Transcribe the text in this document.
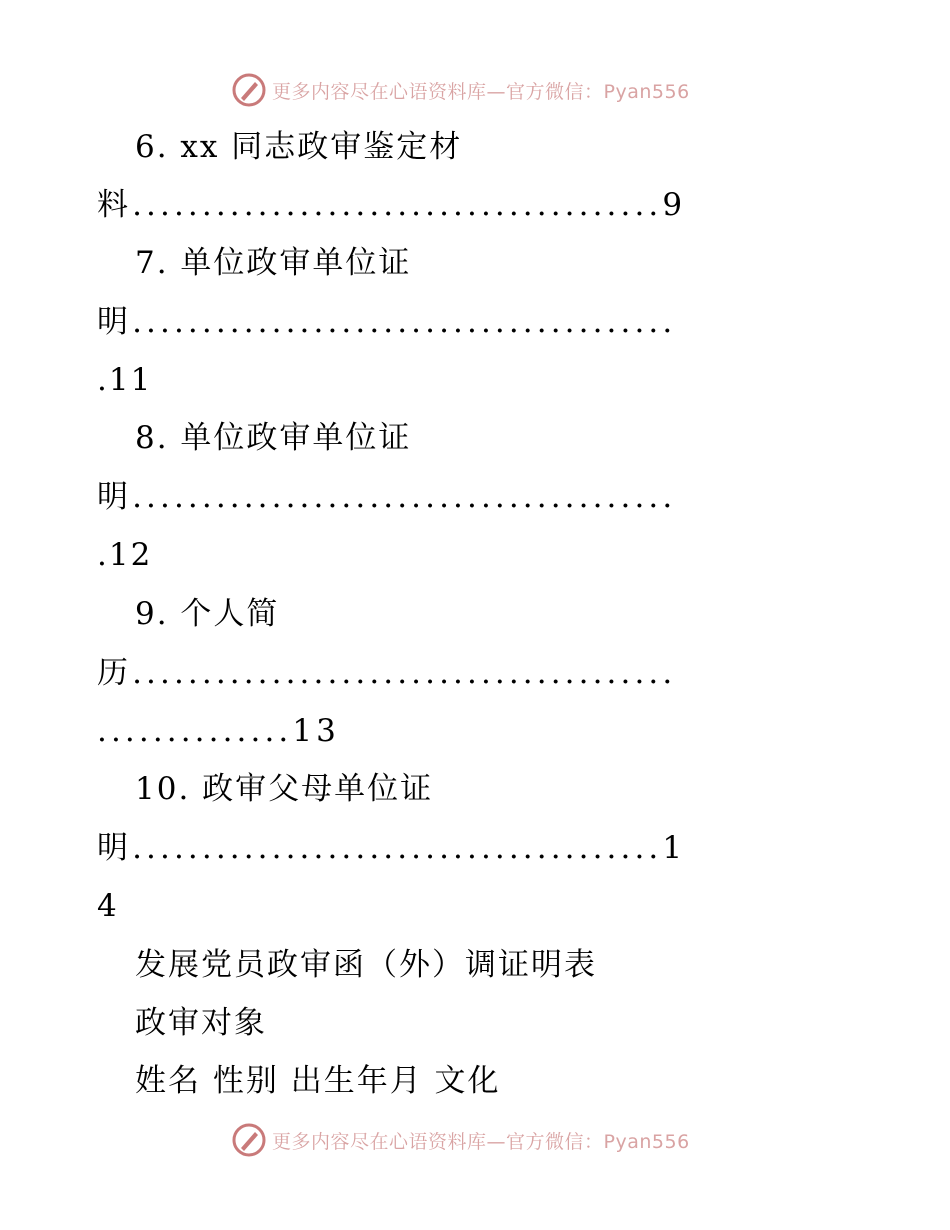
更多内容尽在心语资料库—官方微信：Pyan556
6. xx 同志政审鉴定材
料......................................9
7. 单位政审单位证
明.......................................
.11
8. 单位政审单位证
明.......................................
.12
9. 个人简
历.......................................
..............13
10. 政审父母单位证
明......................................1
4
发展党员政审函（外）调证明表
政审对象
姓名 性别 出生年月 文化
更多内容尽在心语资料库—官方微信：Pyan556
